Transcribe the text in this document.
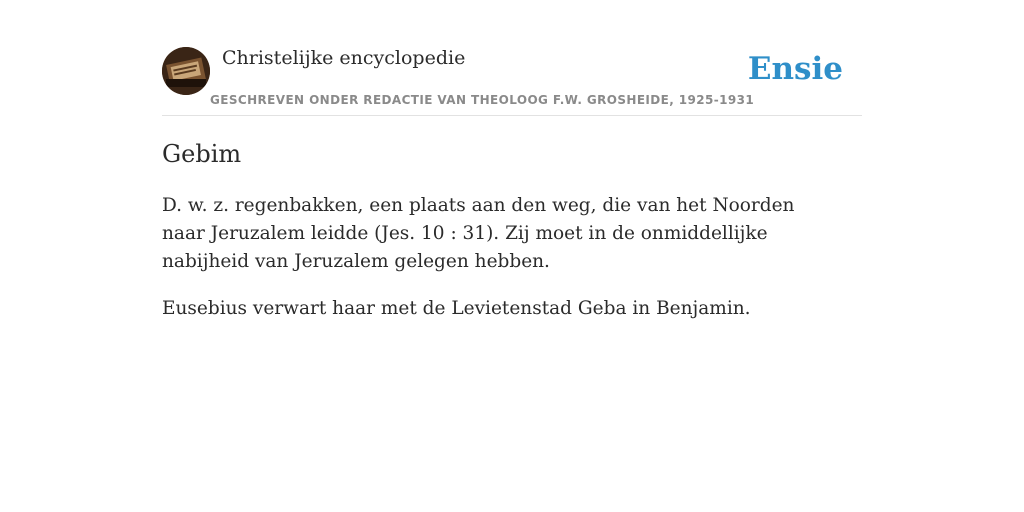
Christelijke encyclopedie
GESCHREVEN ONDER REDACTIE VAN THEOLOOG F.W. GROSHEIDE, 1925-1931
Ensie
Gebim

D. w. z. regenbakken, een plaats aan den weg, die van het Noorden naar Jeruzalem leidde (Jes. 10 : 31). Zij moet in de onmiddellijke nabijheid van Jeruzalem gelegen hebben.

Eusebius verwart haar met de Levietenstad Geba in Benjamin.
